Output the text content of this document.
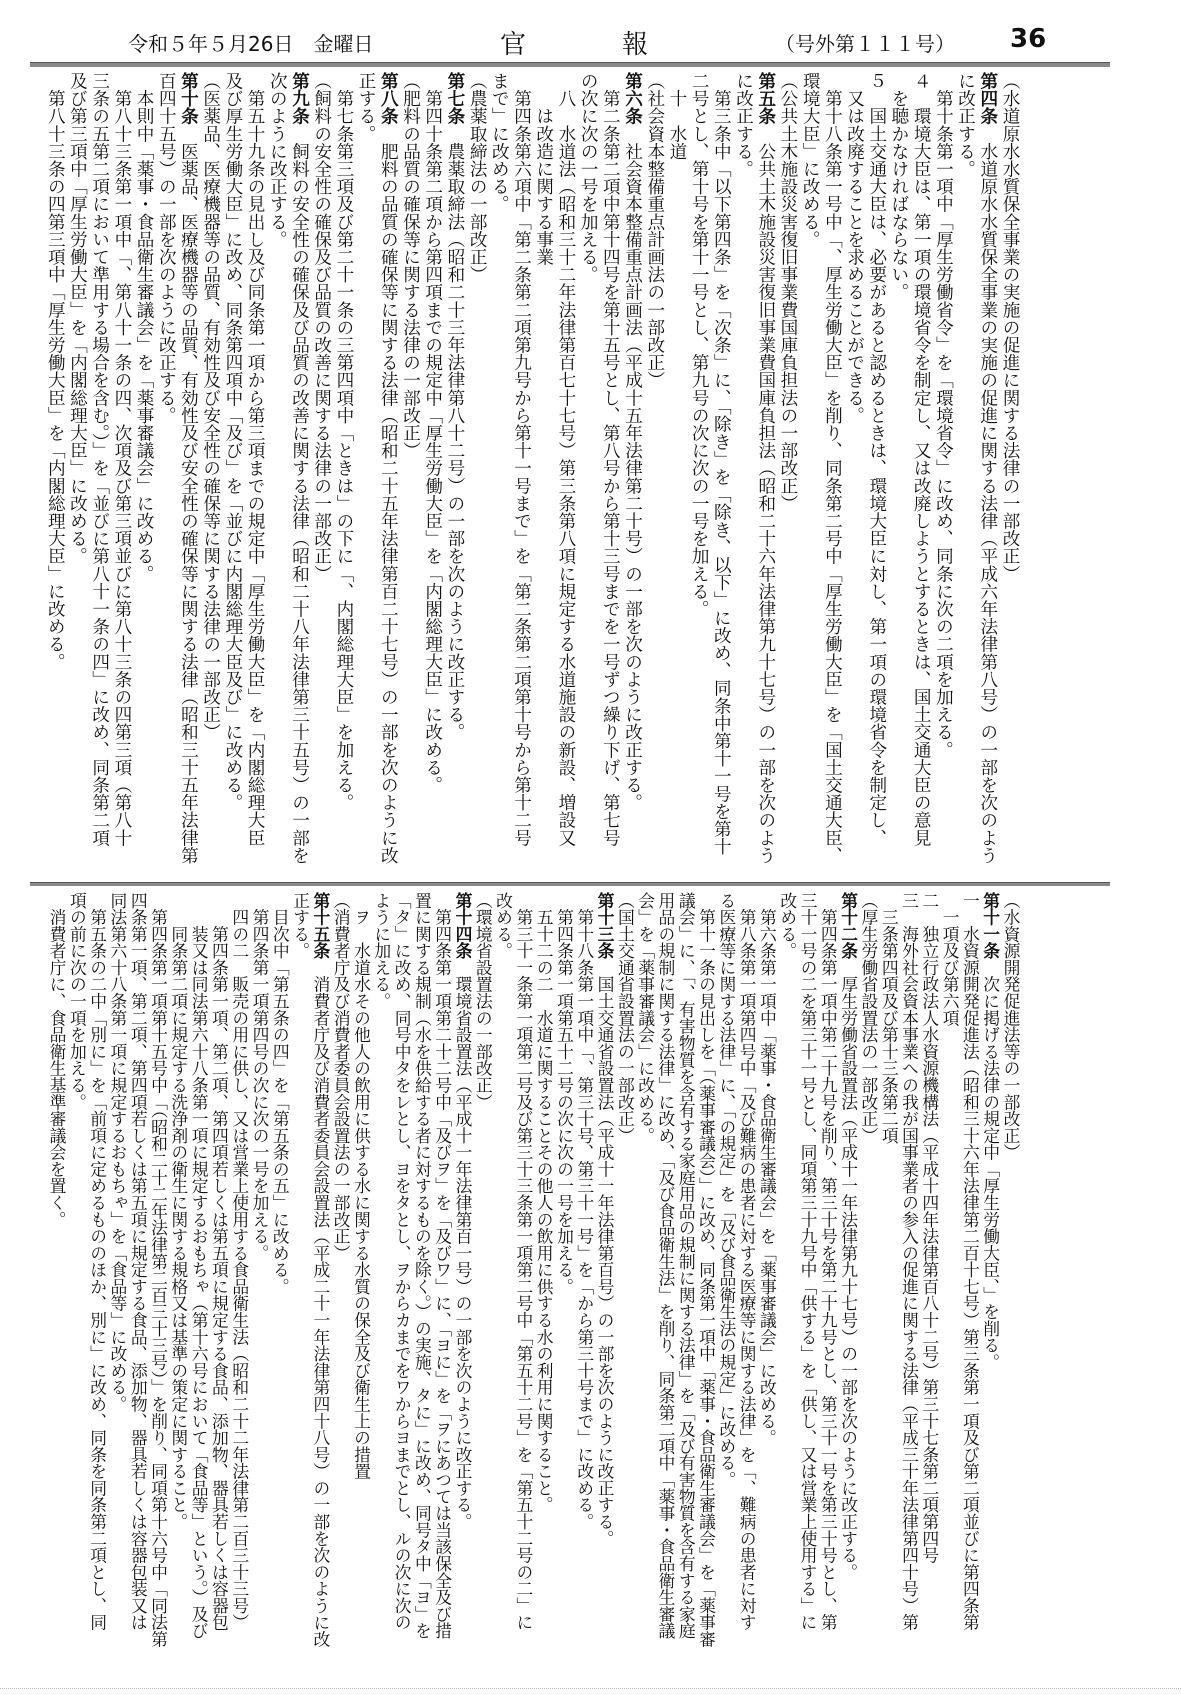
令和５年５月26日　金曜日	官	報	（号外第１１１号） 36
（水道原水水質保全事業の実施の促進に関する法律の一部改正）
第四条　水道原水水質保全事業の実施の促進に関する法律（平成六年法律第八号）の一部を次のよう
に改正する。
　第十条第一項中「厚生労働省令」を「環境省令」に改め、同条に次の二項を加える。
４　環境大臣は、第一項の環境省令を制定し、又は改廃しようとするときは、国土交通大臣の意見
　を聴かなければならない。
５　国土交通大臣は、必要があると認めるときは、環境大臣に対し、第一項の環境省令を制定し、
　又は改廃することを求めることができる。
　第十八条第一号中「、厚生労働大臣」を削り、同条第二号中「厚生労働大臣」を「国土交通大臣、
環境大臣」に改める。
（公共土木施設災害復旧事業費国庫負担法の一部改正）
第五条　公共土木施設災害復旧事業費国庫負担法（昭和二十六年法律第九十七号）の一部を次のよう
に改正する。
　第三条中「以下第四条」を「次条」に、「除き」を「除き、以下」に改め、同条中第十一号を第十
二号とし、第十号を第十一号とし、第九号の次に次の一号を加える。
　十　水道
（社会資本整備重点計画法の一部改正）
第六条　社会資本整備重点計画法（平成十五年法律第二十号）の一部を次のように改正する。
　第二条第二項中第十四号を第十五号とし、第八号から第十三号までを一号ずつ繰り下げ、第七号
の次に次の一号を加える。
　八　水道法（昭和三十二年法律第百七十七号）第三条第八項に規定する水道施設の新設、増設又
　　は改造に関する事業
　第四条第六項中「第二条第二項第九号から第十一号まで」を「第二条第二項第十号から第十二号
まで」に改める。
（農薬取締法の一部改正）
第七条　農薬取締法（昭和二十三年法律第八十二号）の一部を次のように改正する。
　第四十条第二項から第四項までの規定中「厚生労働大臣」を「内閣総理大臣」に改める。
（肥料の品質の確保等に関する法律の一部改正）
第八条　肥料の品質の確保等に関する法律（昭和二十五年法律第百二十七号）の一部を次のように改
正する。
　第七条第三項及び第二十一条の三第四項中「ときは」の下に「、内閣総理大臣」を加える。
（飼料の安全性の確保及び品質の改善に関する法律の一部改正）
第九条　飼料の安全性の確保及び品質の改善に関する法律（昭和二十八年法律第三十五号）の一部を
次のように改正する。
　第五十九条の見出し及び同条第一項から第三項までの規定中「厚生労働大臣」を「内閣総理大臣
及び厚生労働大臣」に改め、同条第四項中「及び」を「並びに内閣総理大臣及び」に改める。
（医薬品、医療機器等の品質、有効性及び安全性の確保等に関する法律の一部改正）
第十条　医薬品、医療機器等の品質、有効性及び安全性の確保等に関する法律（昭和三十五年法律第
百四十五号）の一部を次のように改正する。
　本則中「薬事・食品衛生審議会」を「薬事審議会」に改める。
　第八十三条第一項中「、第八十一条の四、次項及び第三項並びに第八十三条の四第三項（第八十
三条の五第二項において準用する場合を含む。）」を「並びに第八十一条の四」に改め、同条第二項
及び第三項中「厚生労働大臣」を「内閣総理大臣」に改める。
　第八十三条の四第三項中「厚生労働大臣」を「内閣総理大臣」に改める。
（水資源開発促進法等の一部改正）
第十一条　次に掲げる法律の規定中「厚生労働大臣、」を削る。
一　水資源開発促進法（昭和三十六年法律第二百十七号）第三条第一項及び第二項並びに第四条第
　一項及び第六項
二　独立行政法人水資源機構法（平成十四年法律第百八十二号）第三十七条第二項第四号
三　海外社会資本事業への我が国事業者の参入の促進に関する法律（平成三十年法律第四十号）第
　三条第四項及び第十三条第二項
（厚生労働省設置法の一部改正）
第十二条　厚生労働省設置法（平成十一年法律第九十七号）の一部を次のように改正する。
　第四条第一項中第二十九号を削り、第三十号を第二十九号とし、第三十一号を第三十号とし、第
三十一号の二を第三十一号とし、同項第三十九号中「供する」を「供し、又は営業上使用する」に
改める。
　第六条第一項中「薬事・食品衛生審議会」を「薬事審議会」に改める。
　第八条第一項第四号中「及び難病の患者に対する医療等に関する法律」を「、難病の患者に対す
る医療等に関する法律」に、「の規定」を「及び食品衛生法の規定」に改める。
　第十一条の見出しを「（薬事審議会）」に改め、同条第一項中「薬事・食品衛生審議会」を「薬事審
議会」に、「、有害物質を含有する家庭用品の規制に関する法律」を「及び有害物質を含有する家庭
用品の規制に関する法律」に改め、「及び食品衛生法」を削り、同条第二項中「薬事・食品衛生審議
会」を「薬事審議会」に改める。
（国土交通省設置法の一部改正）
第十三条　国土交通省設置法（平成十一年法律第百号）の一部を次のように改正する。
　第十八条第一項中「、第三十号、第三十一号」を「から第三十号まで」に改める。
　第四条第一項第五十二号の次に次の一号を加える。
　五十二の二　水道に関することその他人の飲用に供する水の利用に関すること。
　第三十一条第一項第二号及び第三十三条第一項第二号中「第五十二号」を「第五十二号の二」に
改める。
（環境省設置法の一部改正）
第十四条　環境省設置法（平成十一年法律第百一号）の一部を次のように改正する。
　第四条第一項第二十二号中「及びヲ」を「及びワ」に、「ヨに」を「ヲにあつては当該保全及び措
置に関する規制（水を供給する者に対するものを除く。）の実施、タに」に改め、同号タ中「ヨ」を
「タ」に改め、同号中タをレとし、ヨをタとし、ヲからカまでをワからヨまでとし、ルの次に次の
ように加える。
　ヲ　水道水その他人の飲用に供する水に関する水質の保全及び衛生上の措置
（消費者庁及び消費者委員会設置法の一部改正）
第十五条　消費者庁及び消費者委員会設置法（平成二十一年法律第四十八号）の一部を次のように改
正する。
　目次中「第五条の四」を「第五条の五」に改める。
　第四条第一項第四号の次に次の一号を加える。
　四の二　販売の用に供し、又は営業上使用する食品衛生法（昭和二十二年法律第二百三十三号）
　　第四条第一項、第二項、第四項若しくは第五項に規定する食品、添加物、器具若しくは容器包
　　装又は同法第六十八条第一項に規定するおもちゃ（第十六号において「食品等」という。）及び
　　同条第二項に規定する洗浄剤の衛生に関する規格又は基準の策定に関すること。
　第四条第一項第十五号中「（昭和二十二年法律第二百三十三号）」を削り、同項第十六号中「同法第
四条第一項、第二項、第四項若しくは第五項に規定する食品、添加物、器具若しくは容器包装又は
同法第六十八条第一項に規定するおもちゃ」を「食品等」に改める。
　第五条の二中「別に」を「前項に定めるもののほか、別に」に改め、同条を同条第二項とし、同
項の前に次の一項を加える。
　消費者庁に、食品衛生基準審議会を置く。
